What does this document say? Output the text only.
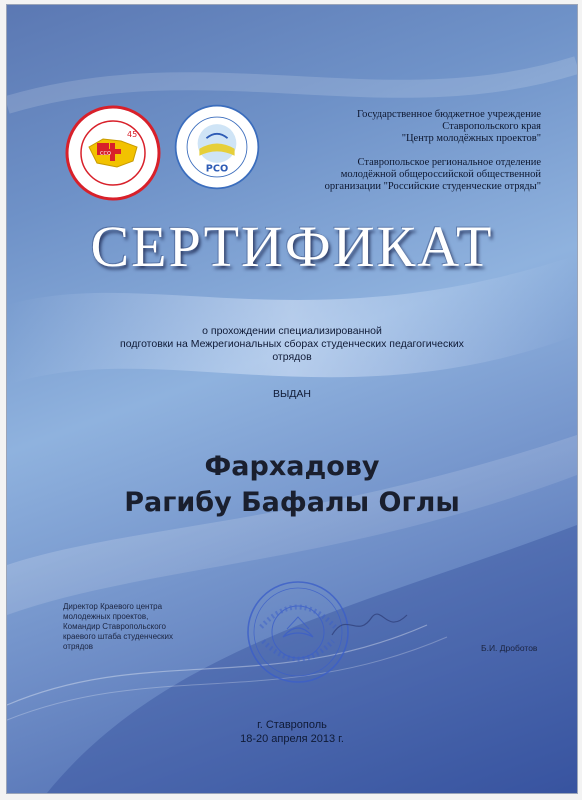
45
ССО
РСО
Государственное бюджетное учреждение
Ставропольского края
"Центр молодёжных проектов"
Ставропольское региональное отделение
молодёжной общероссийской общественной
организации "Российские студенческие отряды"
СЕРТИФИКАТ
о прохождении специализированной
подготовки на Межрегиональных сборах студенческих педагогических
отрядов
ВЫДАН
Фархадову
Рагибу Бафалы Оглы
Директор Краевого центра
молодежных проектов,
Командир Ставропольского
краевого штаба студенческих
отрядов	Б.И. Дроботов
г. Ставрополь
18-20 апреля 2013 г.
